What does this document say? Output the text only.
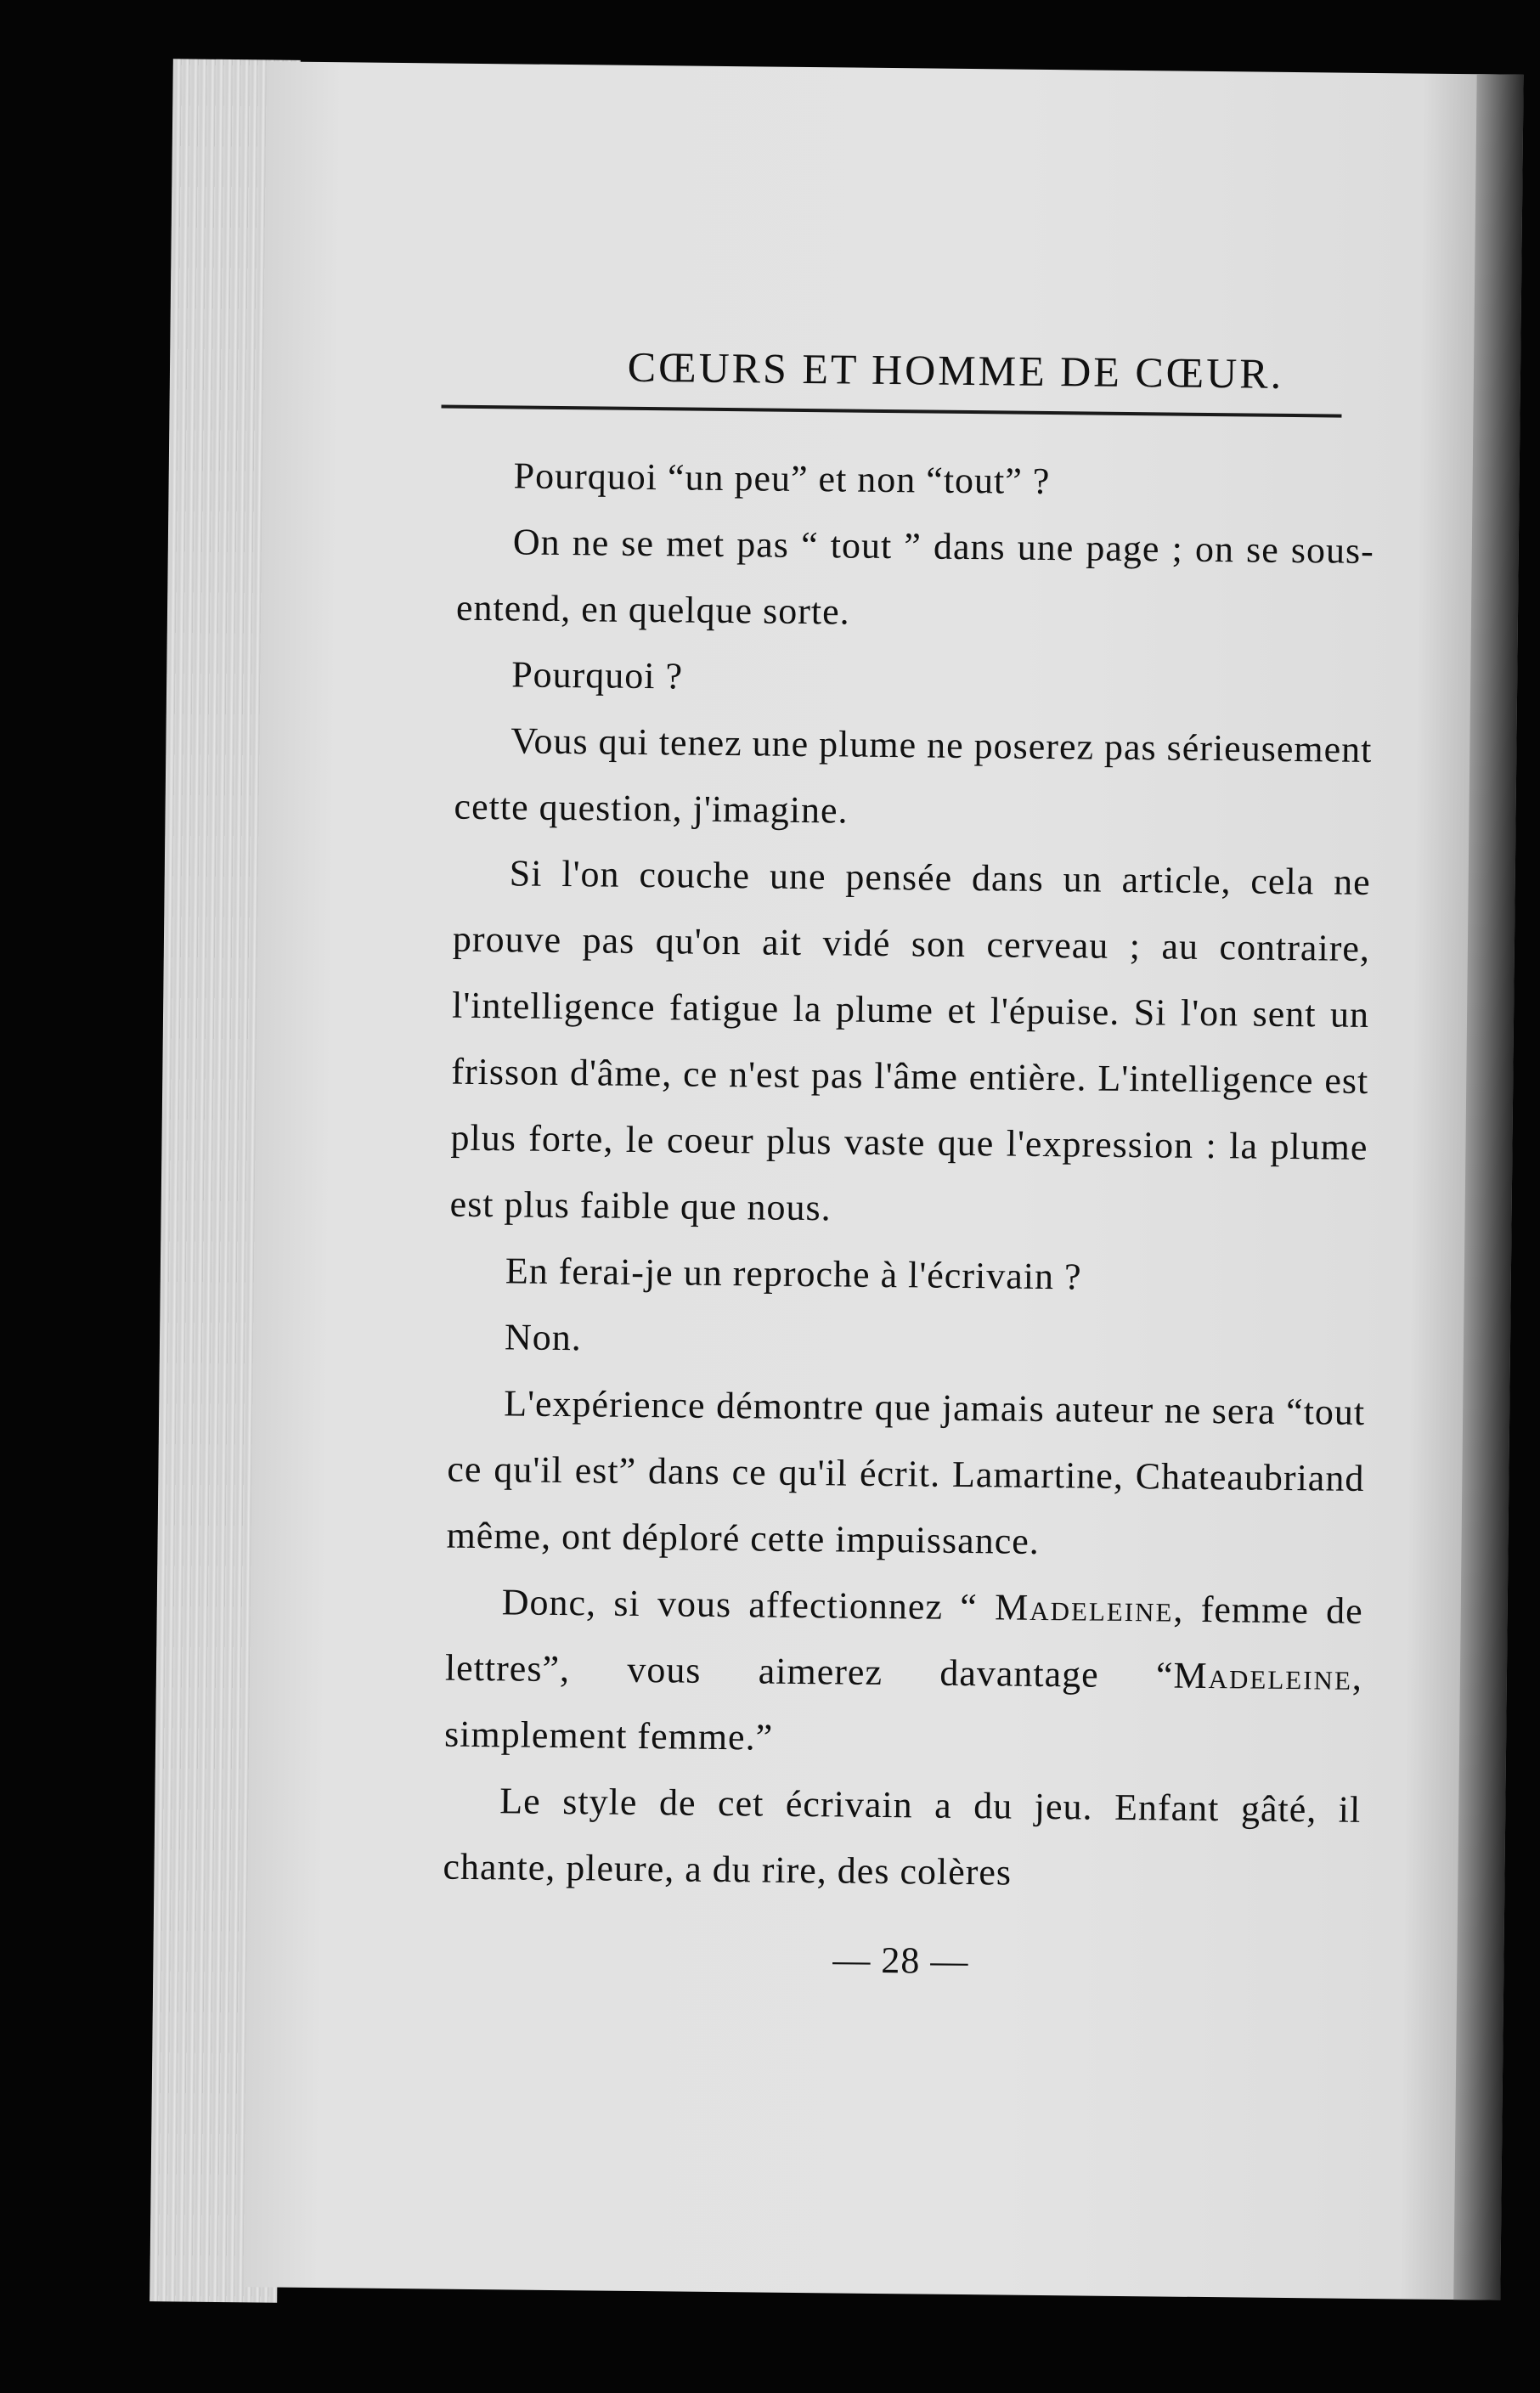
CŒURS ET HOMME DE CŒUR.

Pourquoi “un peu” et non “tout” ?

On ne se met pas “ tout ” dans une page ; on se sous-entend, en quelque sorte.

Pourquoi ?

Vous qui tenez une plume ne poserez pas sérieusement cette question, j'imagine.

Si l'on couche une pensée dans un article, cela ne prouve pas qu'on ait vidé son cerveau ; au contraire, l'intelligence fatigue la plume et l'épuise. Si l'on sent un frisson d'âme, ce n'est pas l'âme entière. L'intelligence est plus forte, le coeur plus vaste que l'expression : la plume est plus faible que nous.

En ferai-je un reproche à l'écrivain ?

Non.

L'expérience démontre que jamais auteur ne sera “tout ce qu'il est” dans ce qu'il écrit. Lamartine, Chateaubriand même, ont déploré cette impuissance.

Donc, si vous affectionnez “ Madeleine, femme de lettres”, vous aimerez davantage “Madeleine, simplement femme.”

Le style de cet écrivain a du jeu. Enfant gâté, il chante, pleure, a du rire, des colères

— 28 —
